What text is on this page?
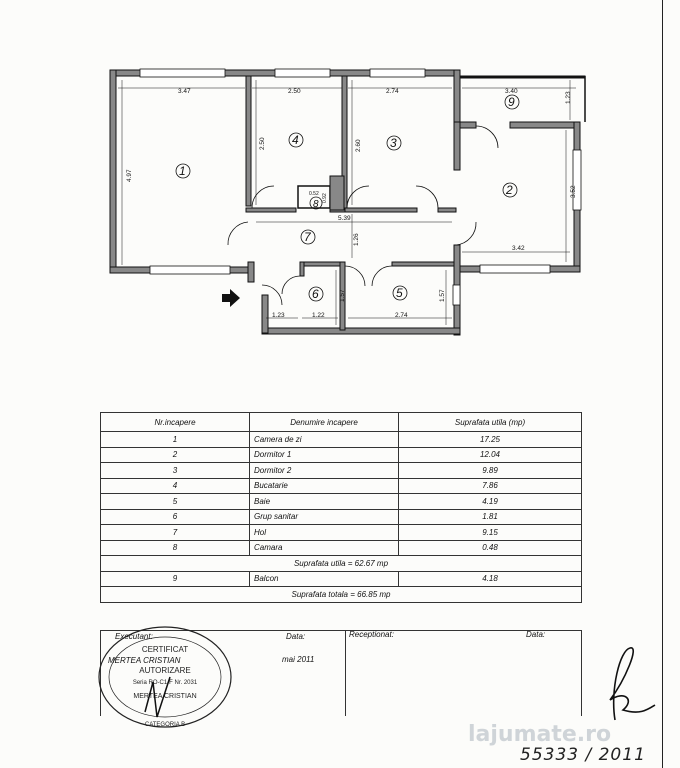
1
2
3
4
5
6
7
8
9
3.47	2.50	2.74	3.40	1.23
4.97
2.50	2.60
3.52
5.39
3.42
1.26
0.52 0.92
1.23	1.22	2.74
1.57	1.57
Nr.incapere	Denumire incapere	Suprafata utila (mp)
1	Camera de zi	17.25
2	Dormitor 1	12.04
3	Dormitor 2	9.89
4	Bucatarie	7.86
5	Baie	4.19
6	Grup sanitar	1.81
7	Hol	9.15
8	Camara	0.48
Suprafata utila = 62.67 mp		
9	Balcon	4.18
Suprafata totala = 66.85 mp		
Executant:
MERTEA CRISTIAN
Data:
mai 2011
Receptionat:	Data:
CERTIFICAT
AUTORIZARE
Seria RO-C1-F Nr. 2031
MERTEA CRISTIAN
CATEGORIA B	lajumate.ro
55333 / 2011
